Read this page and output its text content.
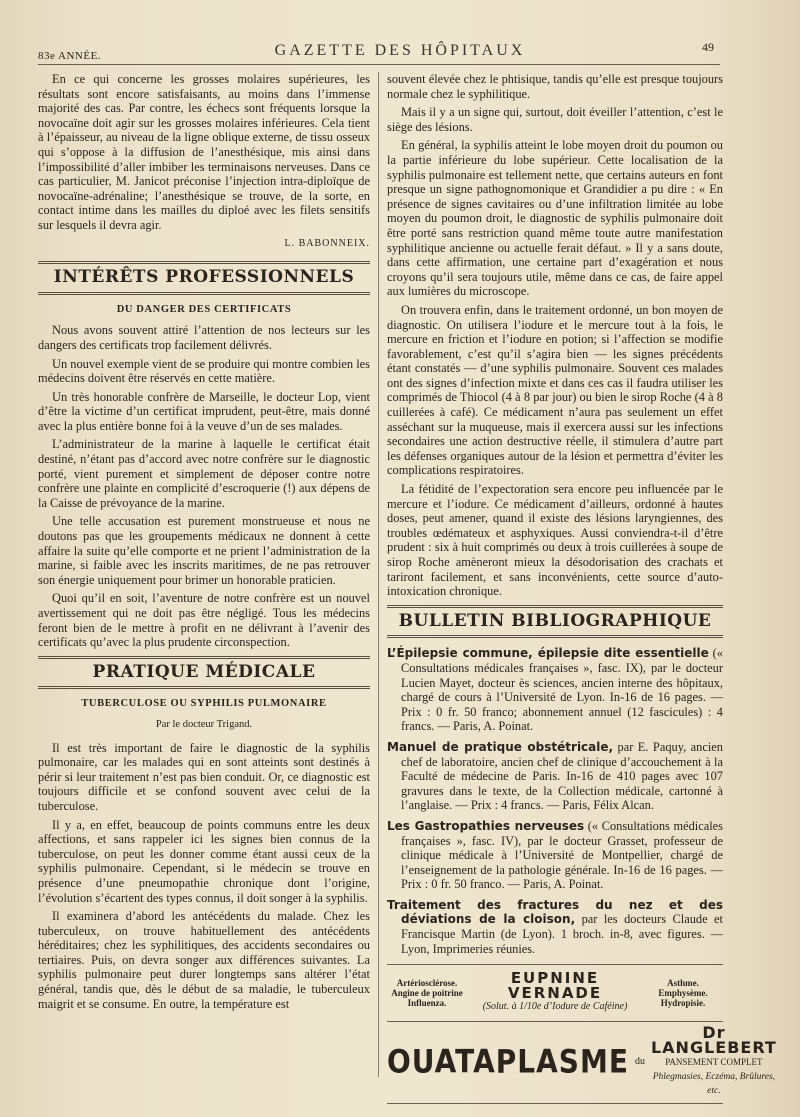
83e ANNÉE.	GAZETTE DES HÔPITAUX	49

En ce qui concerne les grosses molaires supérieures, les résultats sont encore satisfaisants, au moins dans l’immense majorité des cas. Par contre, les échecs sont fréquents lorsque la novocaïne doit agir sur les grosses molaires inférieures. Cela tient à l’épaisseur, au niveau de la ligne oblique externe, de tissu osseux qui s’oppose à la diffusion de l’anesthésique, mis ainsi dans l’impossibilité d’aller imbiber les terminaisons nerveuses. Dans ce cas particulier, M. Janicot préconise l’injection intra-diploïque de novocaïne-adrénaline; l’anesthésique se trouve, de la sorte, en contact intime dans les mailles du diploé avec les filets sensitifs sur lesquels il devra agir.

L. BABONNEIX.
INTÉRÊTS PROFESSIONNELS
DU DANGER DES CERTIFICATS

Nous avons souvent attiré l’attention de nos lecteurs sur les dangers des certificats trop facilement délivrés.

Un nouvel exemple vient de se produire qui montre combien les médecins doivent être réservés en cette matière.

Un très honorable confrère de Marseille, le docteur Lop, vient d’être la victime d’un certificat imprudent, peut-être, mais donné avec la plus entière bonne foi à la veuve d’un de ses malades.

L’administrateur de la marine à laquelle le certificat était destiné, n’étant pas d’accord avec notre confrère sur le diagnostic porté, vient purement et simplement de déposer contre notre confrère une plainte en complicité d’escroquerie (!) aux dépens de la Caisse de prévoyance de la marine.

Une telle accusation est purement monstrueuse et nous ne doutons pas que les groupements médicaux ne donnent à cette affaire la suite qu’elle comporte et ne prient l’administration de la marine, si faible avec les inscrits maritimes, de ne pas retrouver son énergie uniquement pour brimer un honorable praticien.

Quoi qu’il en soit, l’aventure de notre confrère est un nouvel avertissement qui ne doit pas être négligé. Tous les médecins feront bien de le mettre à profit en ne délivrant à l’avenir des certificats qu’avec la plus prudente circonspection.

PRATIQUE MÉDICALE
TUBERCULOSE OU SYPHILIS PULMONAIRE
Par le docteur Trigand.

Il est très important de faire le diagnostic de la syphilis pulmonaire, car les malades qui en sont atteints sont destinés à périr si leur traitement n’est pas bien conduit. Or, ce diagnostic est toujours difficile et se confond souvent avec celui de la tuberculose.

Il y a, en effet, beaucoup de points communs entre les deux affections, et sans rappeler ici les signes bien connus de la tuberculose, on peut les donner comme étant aussi ceux de la syphilis pulmonaire. Cependant, si le médecin se trouve en présence d’une pneumopathie chronique dont l’origine, l’évolution s’écartent des types connus, il doit songer à la syphilis.

Il examinera d’abord les antécédents du malade. Chez les tuberculeux, on trouve habituellement des antécédents héréditaires; chez les syphilitiques, des accidents secondaires ou tertiaires. Puis, on devra songer aux différences suivantes. La syphilis pulmonaire peut durer longtemps sans altérer l’état général, tandis que, dès le début de sa maladie, le tuberculeux maigrit et se consume. En outre, la température est

souvent élevée chez le phtisique, tandis qu’elle est presque toujours normale chez le syphilitique.

Mais il y a un signe qui, surtout, doit éveiller l’attention, c’est le siège des lésions.

En général, la syphilis atteint le lobe moyen droit du poumon ou la partie inférieure du lobe supérieur. Cette localisation de la syphilis pulmonaire est tellement nette, que certains auteurs en font presque un signe pathognomonique et Grandidier a pu dire : « En présence de signes cavitaires ou d’une infiltration limitée au lobe moyen du poumon droit, le diagnostic de syphilis pulmonaire doit être porté sans restriction quand même toute autre manifestation syphilitique ancienne ou actuelle ferait défaut. » Il y a sans doute, dans cette affirmation, une certaine part d’exagération et nous croyons qu’il sera toujours utile, même dans ce cas, de faire appel aux lumières du microscope.

On trouvera enfin, dans le traitement ordonné, un bon moyen de diagnostic. On utilisera l’iodure et le mercure tout à la fois, le mercure en friction et l’iodure en potion; si l’affection se modifie favorablement, c’est qu’il s’agira bien — les signes précédents étant constatés — d’une syphilis pulmonaire. Souvent ces malades ont des signes d’infection mixte et dans ces cas il faudra utiliser les comprimés de Thiocol (4 à 8 par jour) ou bien le sirop Roche (4 à 8 cuillerées à café). Ce médicament n’aura pas seulement un effet asséchant sur la muqueuse, mais il exercera aussi sur les infections secondaires une action destructive réelle, il stimulera d’autre part les défenses organiques autour de la lésion et permettra d’éviter les complications respiratoires.

La fétidité de l’expectoration sera encore peu influencée par le mercure et l’iodure. Ce médicament d’ailleurs, ordonné à hautes doses, peut amener, quand il existe des lésions laryngiennes, des troubles œdémateux et asphyxiques. Aussi conviendra-t-il d’être prudent : six à huit comprimés ou deux à trois cuillerées à soupe de sirop Roche amèneront mieux la désodorisation des crachats et tariront facilement, et sans inconvénients, cette source d’auto-intoxication chronique.

BULLETIN BIBLIOGRAPHIQUE

L’Épilepsie commune, épilepsie dite essentielle (« Consultations médicales françaises », fasc. IX), par le docteur Lucien Mayet, docteur ès sciences, ancien interne des hôpitaux, chargé de cours à l’Université de Lyon. In-16 de 16 pages. — Prix : 0 fr. 50 franco; abonnement annuel (12 fascicules) : 4 francs. — Paris, A. Poinat.

Manuel de pratique obstétricale, par E. Paquy, ancien chef de laboratoire, ancien chef de clinique d’accouchement à la Faculté de médecine de Paris. In-16 de 410 pages avec 107 gravures dans le texte, de la Collection médicale, cartonné à l’anglaise. — Prix : 4 francs. — Paris, Félix Alcan.

Les Gastropathies nerveuses (« Consultations médicales françaises », fasc. IV), par le docteur Grasset, professeur de clinique médicale à l’Université de Montpellier, chargé de l’enseignement de la pathologie générale. In-16 de 16 pages. — Prix : 0 fr. 50 franco. — Paris, A. Poinat.

Traitement des fractures du nez et des déviations de la cloison, par les docteurs Claude et Francisque Martin (de Lyon). 1 broch. in-8, avec figures. — Lyon, Imprimeries réunies.

Artériosclérose. Angine de poitrine Influenza.
EUPNINE VERNADE
(Solut. à 1/10e d’Iodure de Caféine)
Asthme. Emphysème. Hydropisie.
OUATAPLASME du
Dr LANGLEBERT
PANSEMENT COMPLET
Phlegmasies, Eczéma, Brûlures, etc.
